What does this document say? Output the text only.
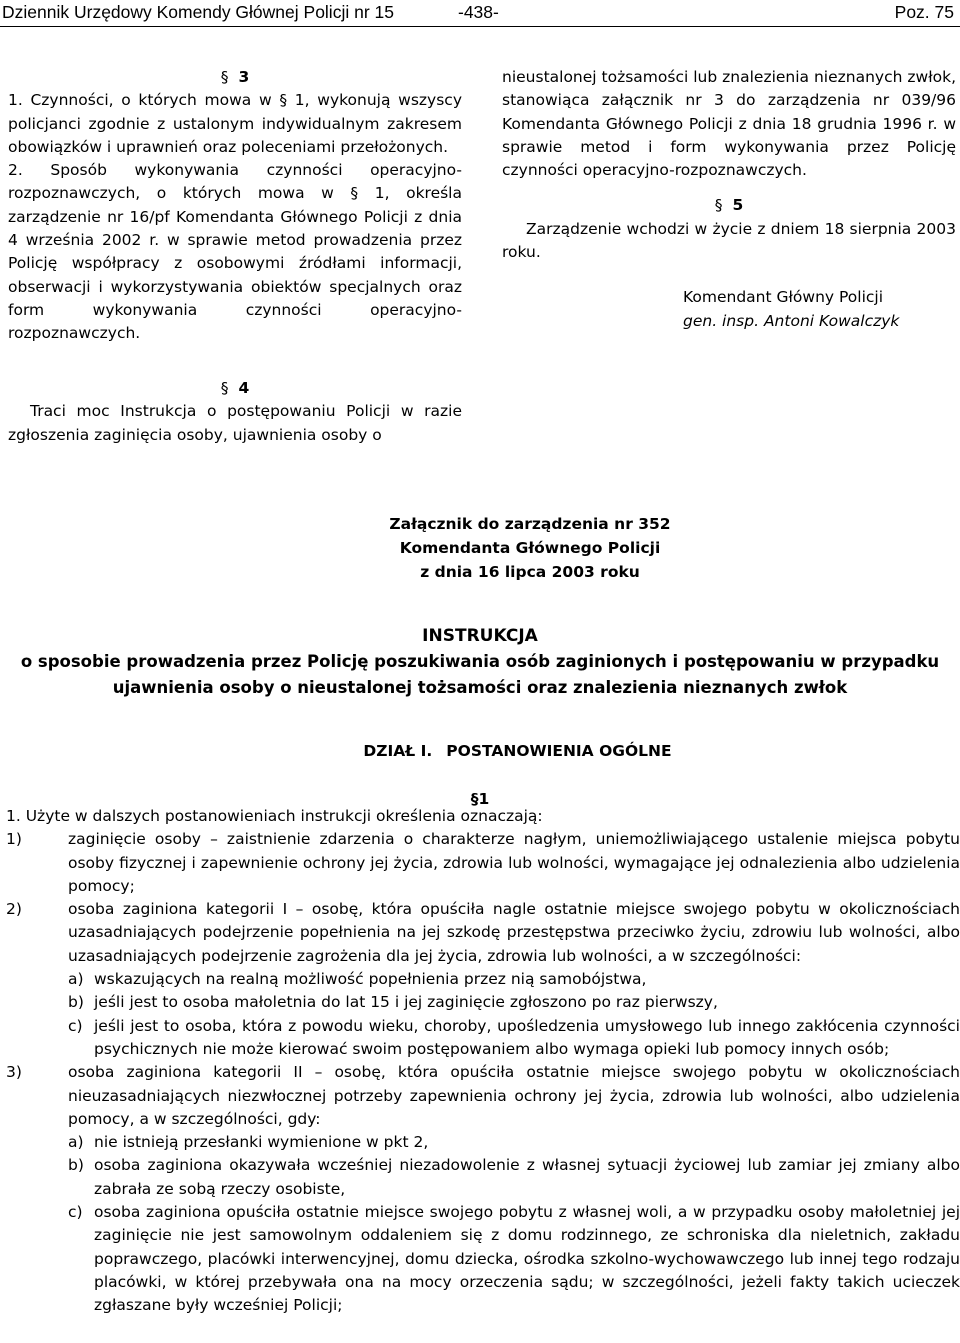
Dziennik Urzędowy Komendy Głównej Policji nr 15	-438-	Poz. 75
§ 3

1. Czynności, o których mowa w § 1, wykonują wszyscy policjanci zgodnie z ustalonym indywidualnym zakresem obowiązków i uprawnień oraz poleceniami przełożonych.

2. Sposób wykonywania czynności operacyjno-rozpoznawczych, o których mowa w § 1, określa zarządzenie nr 16/pf Komendanta Głównego Policji z dnia 4 września 2002 r. w sprawie metod prowadzenia przez Policję współpracy z osobowymi źródłami informacji, obserwacji i wykorzystywania obiektów specjalnych oraz form wykonywania czynności operacyjno-rozpoznawczych.

§ 4

Traci moc Instrukcja o postępowaniu Policji w razie zgłoszenia zaginięcia osoby, ujawnienia osoby o

nieustalonej tożsamości lub znalezienia nieznanych zwłok, stanowiąca załącznik nr 3 do zarządzenia nr 039/96 Komendanta Głównego Policji z dnia 18 grudnia 1996 r. w sprawie metod i form wykonywania przez Policję czynności operacyjno-rozpoznawczych.

§ 5

Zarządzenie wchodzi w życie z dniem 18 sierpnia 2003 roku.

Komendant Główny Policji

gen. insp. Antoni Kowalczyk

Załącznik do zarządzenia nr 352

Komendanta Głównego Policji

z dnia 16 lipca 2003 roku

INSTRUKCJA

o sposobie prowadzenia przez Policję poszukiwania osób zaginionych i postępowaniu w przypadku

ujawnienia osoby o nieustalonej tożsamości oraz znalezienia nieznanych zwłok

DZIAŁ I. POSTANOWIENIA OGÓLNE
§1

1. Użyte w dalszych postanowieniach instrukcji określenia oznaczają:

1)	zaginięcie osoby – zaistnienie zdarzenia o charakterze nagłym, uniemożliwiającego ustalenie miejsca pobytu osoby fizycznej i zapewnienie ochrony jej życia, zdrowia lub wolności, wymagające jej odnalezienia albo udzielenia pomocy;
2)	osoba zaginiona kategorii I – osobę, która opuściła nagle ostatnie miejsce swojego pobytu w okolicznościach uzasadniających podejrzenie popełnienia na jej szkodę przestępstwa przeciwko życiu, zdrowiu lub wolności, albo uzasadniających podejrzenie zagrożenia dla jej życia, zdrowia lub wolności, a w szczególności:
a) wskazujących na realną możliwość popełnienia przez nią samobójstwa,
b) jeśli jest to osoba małoletnia do lat 15 i jej zaginięcie zgłoszono po raz pierwszy,
c) jeśli jest to osoba, która z powodu wieku, choroby, upośledzenia umysłowego lub innego zakłócenia czynności psychicznych nie może kierować swoim postępowaniem albo wymaga opieki lub pomocy innych osób;
3)	osoba zaginiona kategorii II – osobę, która opuściła ostatnie miejsce swojego pobytu w okolicznościach nieuzasadniających niezwłocznej potrzeby zapewnienia ochrony jej życia, zdrowia lub wolności, albo udzielenia pomocy, a w szczególności, gdy:
a) nie istnieją przesłanki wymienione w pkt 2,
b) osoba zaginiona okazywała wcześniej niezadowolenie z własnej sytuacji życiowej lub zamiar jej zmiany albo zabrała ze sobą rzeczy osobiste,
c) osoba zaginiona opuściła ostatnie miejsce swojego pobytu z własnej woli, a w przypadku osoby małoletniej jej zaginięcie nie jest samowolnym oddaleniem się z domu rodzinnego, ze schroniska dla nieletnich, zakładu poprawczego, placówki interwencyjnej, domu dziecka, ośrodka szkolno-wychowawczego lub innej tego rodzaju placówki, w której przebywała ona na mocy orzeczenia sądu; w szczególności, jeżeli fakty takich ucieczek zgłaszane były wcześniej Policji;
